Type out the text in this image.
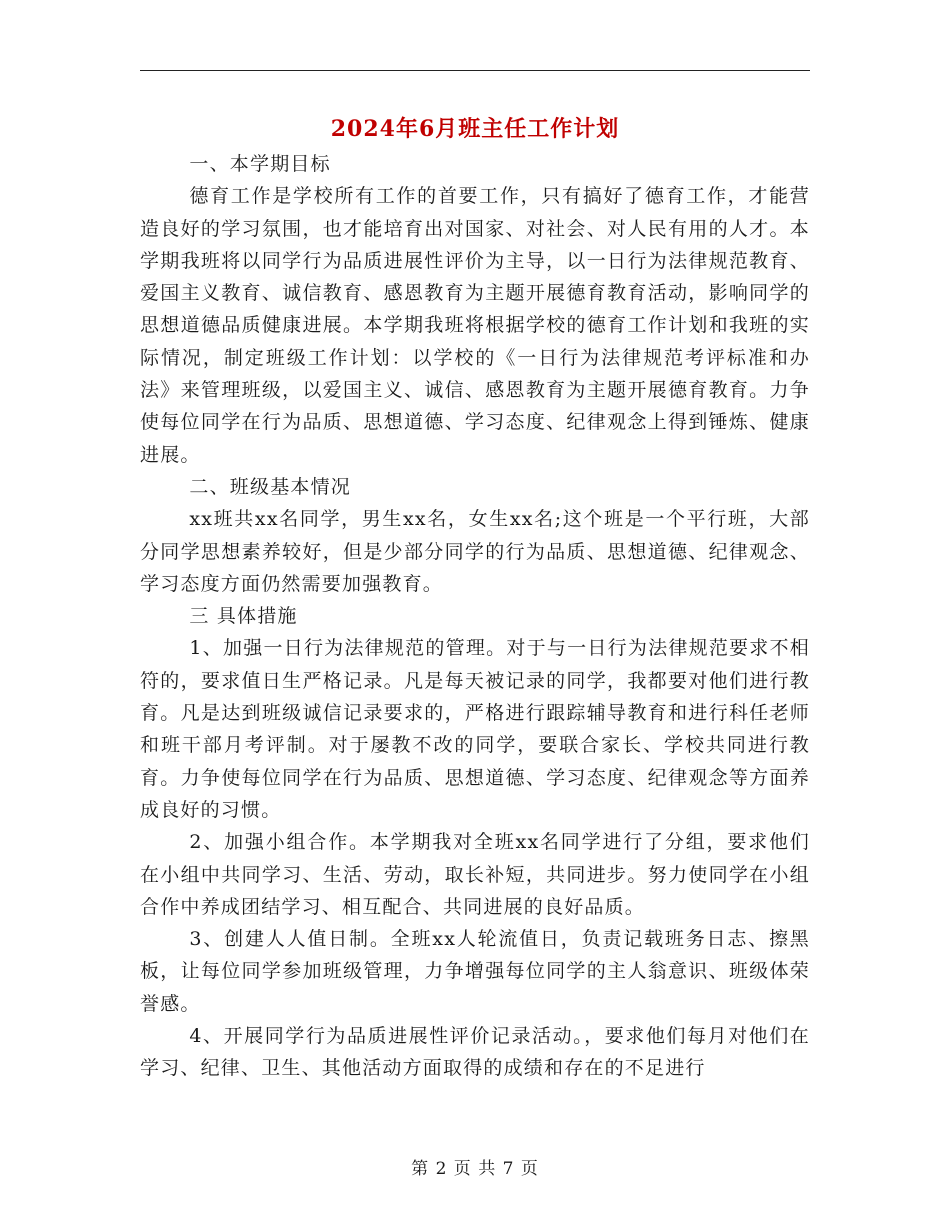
2024年6月班主任工作计划

一、本学期目标

德育工作是学校所有工作的首要工作，只有搞好了德育工作，才能营造良好的学习氛围，也才能培育出对国家、对社会、对人民有用的人才。本学期我班将以同学行为品质进展性评价为主导，以一日行为法律规范教育、爱国主义教育、诚信教育、感恩教育为主题开展德育教育活动，影响同学的思想道德品质健康进展。本学期我班将根据学校的德育工作计划和我班的实际情况，制定班级工作计划：以学校的《一日行为法律规范考评标准和办法》来管理班级，以爱国主义、诚信、感恩教育为主题开展德育教育。力争使每位同学在行为品质、思想道德、学习态度、纪律观念上得到锤炼、健康进展。

二、班级基本情况

xx班共xx名同学，男生xx名，女生xx名;这个班是一个平行班，大部分同学思想素养较好，但是少部分同学的行为品质、思想道德、纪律观念、学习态度方面仍然需要加强教育。

三 具体措施

1、加强一日行为法律规范的管理。对于与一日行为法律规范要求不相符的，要求值日生严格记录。凡是每天被记录的同学，我都要对他们进行教育。凡是达到班级诚信记录要求的，严格进行跟踪辅导教育和进行科任老师和班干部月考评制。对于屡教不改的同学，要联合家长、学校共同进行教育。力争使每位同学在行为品质、思想道德、学习态度、纪律观念等方面养成良好的习惯。

2、加强小组合作。本学期我对全班xx名同学进行了分组，要求他们在小组中共同学习、生活、劳动，取长补短，共同进步。努力使同学在小组合作中养成团结学习、相互配合、共同进展的良好品质。

3、创建人人值日制。全班xx人轮流值日，负责记载班务日志、擦黑板，让每位同学参加班级管理，力争增强每位同学的主人翁意识、班级体荣誉感。

4、开展同学行为品质进展性评价记录活动。，要求他们每月对他们在学习、纪律、卫生、其他活动方面取得的成绩和存在的不足进行

第 2 页 共 7 页
